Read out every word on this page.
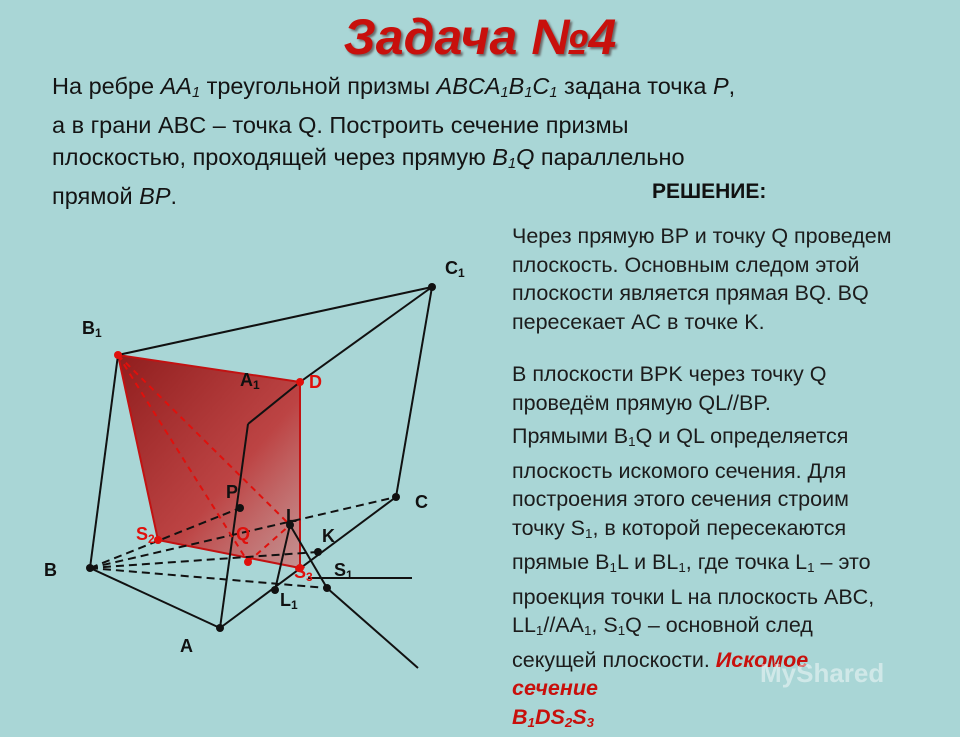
Задача №4

На ребре $AA_1$ треугольной призмы $ABCA_1B_1C_1$ задана точка P,

а в грани ABC – точка Q. Построить сечение призмы

плоскостью, проходящей через прямую $B_1Q$ параллельно

прямой BP.	РЕШЕНИЕ:
Через прямую BP и точку Q проведем плоскость. Основным следом этой плоскости является прямая BQ. BQ пересекает AC в точке K.
В плоскости BPK через точку Q проведём прямую QL//BP.
Прямыми $B_1Q$ и QL определяется плоскость искомого сечения. Для построения этого сечения строим точку $S_1$, в которой пересекаются прямые $B_1L$ и $BL_1$, где точка $L_1$ – это проекция точки L на плоскость ABC, $LL_1//AA_1$, $S_1Q$ – основной след секущей плоскости. Искомое сечение
$B_1DS_2S_3$
C1
B1
A1
P	C
L
K
B	S1
L1
A
D
S2	Q
S3
MyShared
